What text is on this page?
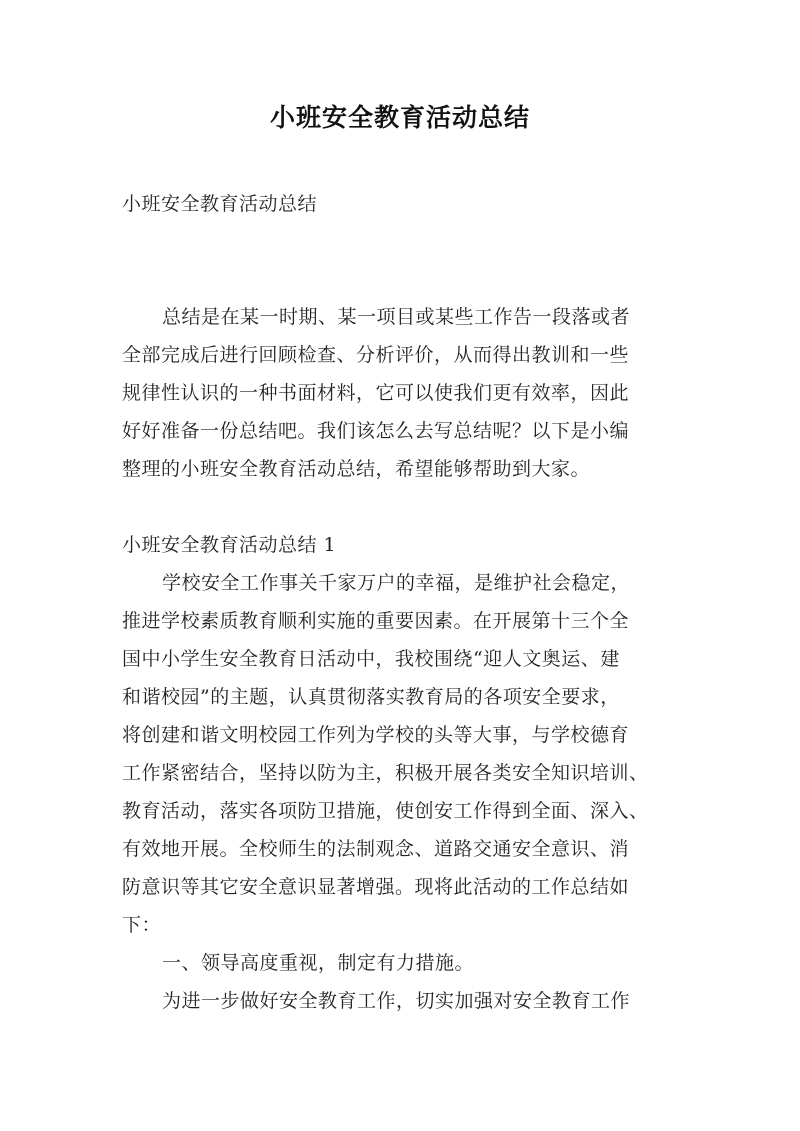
小班安全教育活动总结
小班安全教育活动总结
总结是在某一时期、某一项目或某些工作告一段落或者
全部完成后进行回顾检查、分析评价，从而得出教训和一些
规律性认识的一种书面材料，它可以使我们更有效率，因此
好好准备一份总结吧。我们该怎么去写总结呢？以下是小编
整理的小班安全教育活动总结，希望能够帮助到大家。
小班安全教育活动总结 1
学校安全工作事关千家万户的幸福，是维护社会稳定，
推进学校素质教育顺利实施的重要因素。在开展第十三个全
国中小学生安全教育日活动中，我校围绕“迎人文奥运、建
和谐校园”的主题，认真贯彻落实教育局的各项安全要求，
将创建和谐文明校园工作列为学校的头等大事，与学校德育
工作紧密结合，坚持以防为主，积极开展各类安全知识培训、
教育活动，落实各项防卫措施，使创安工作得到全面、深入、
有效地开展。全校师生的法制观念、道路交通安全意识、消
防意识等其它安全意识显著增强。现将此活动的工作总结如
下：
一、领导高度重视，制定有力措施。
为进一步做好安全教育工作，切实加强对安全教育工作
